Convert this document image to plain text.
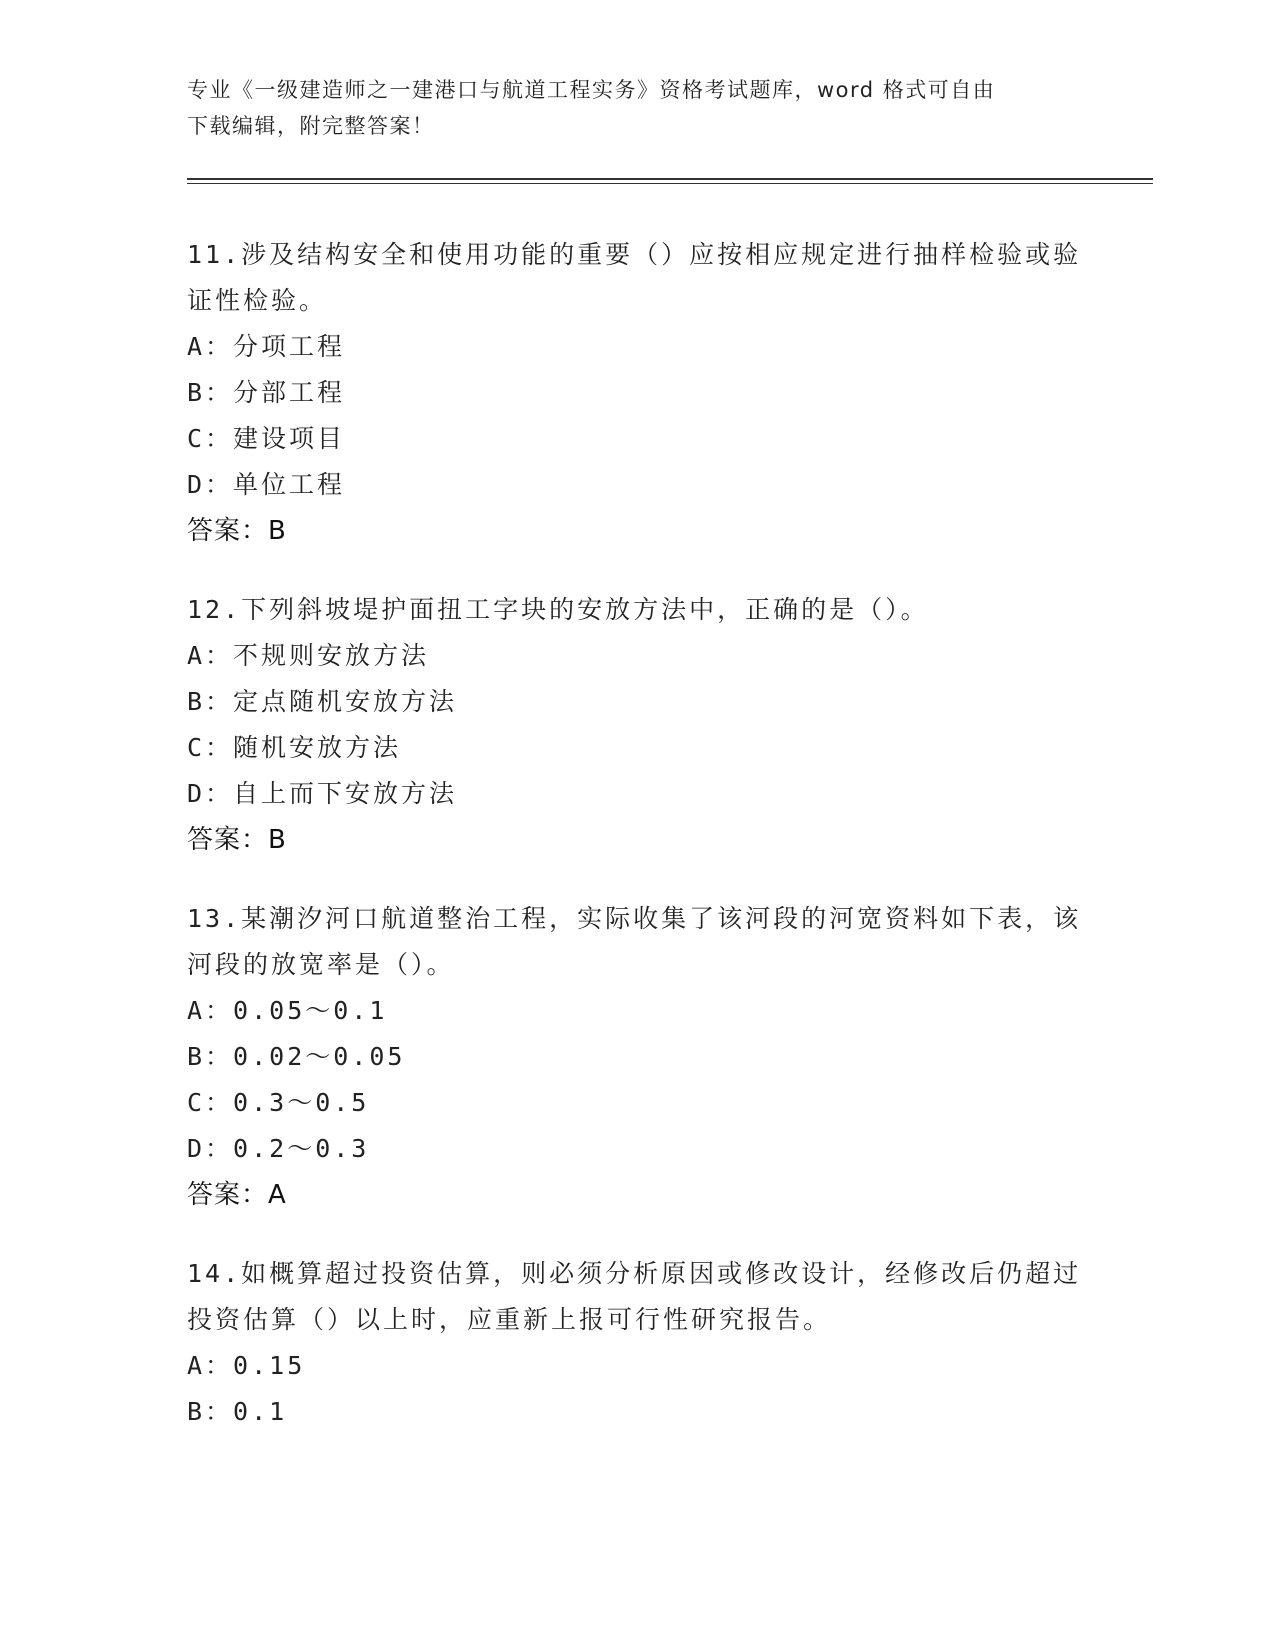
专业《一级建造师之一建港口与航道工程实务》资格考试题库，word 格式可自由
下载编辑，附完整答案！
11.涉及结构安全和使用功能的重要（）应按相应规定进行抽样检验或验证性检验。
A：分项工程
B：分部工程
C：建设项目
D：单位工程
答案：B
12.下列斜坡堤护面扭工字块的安放方法中，正确的是（）。
A：不规则安放方法
B：定点随机安放方法
C：随机安放方法
D：自上而下安放方法
答案：B
13.某潮汐河口航道整治工程，实际收集了该河段的河宽资料如下表，该河段的放宽率是（）。
A：0.05～0.1
B：0.02～0.05
C：0.3～0.5
D：0.2～0.3
答案：A
14.如概算超过投资估算，则必须分析原因或修改设计，经修改后仍超过投资估算（）以上时，应重新上报可行性研究报告。
A：0.15
B：0.1
